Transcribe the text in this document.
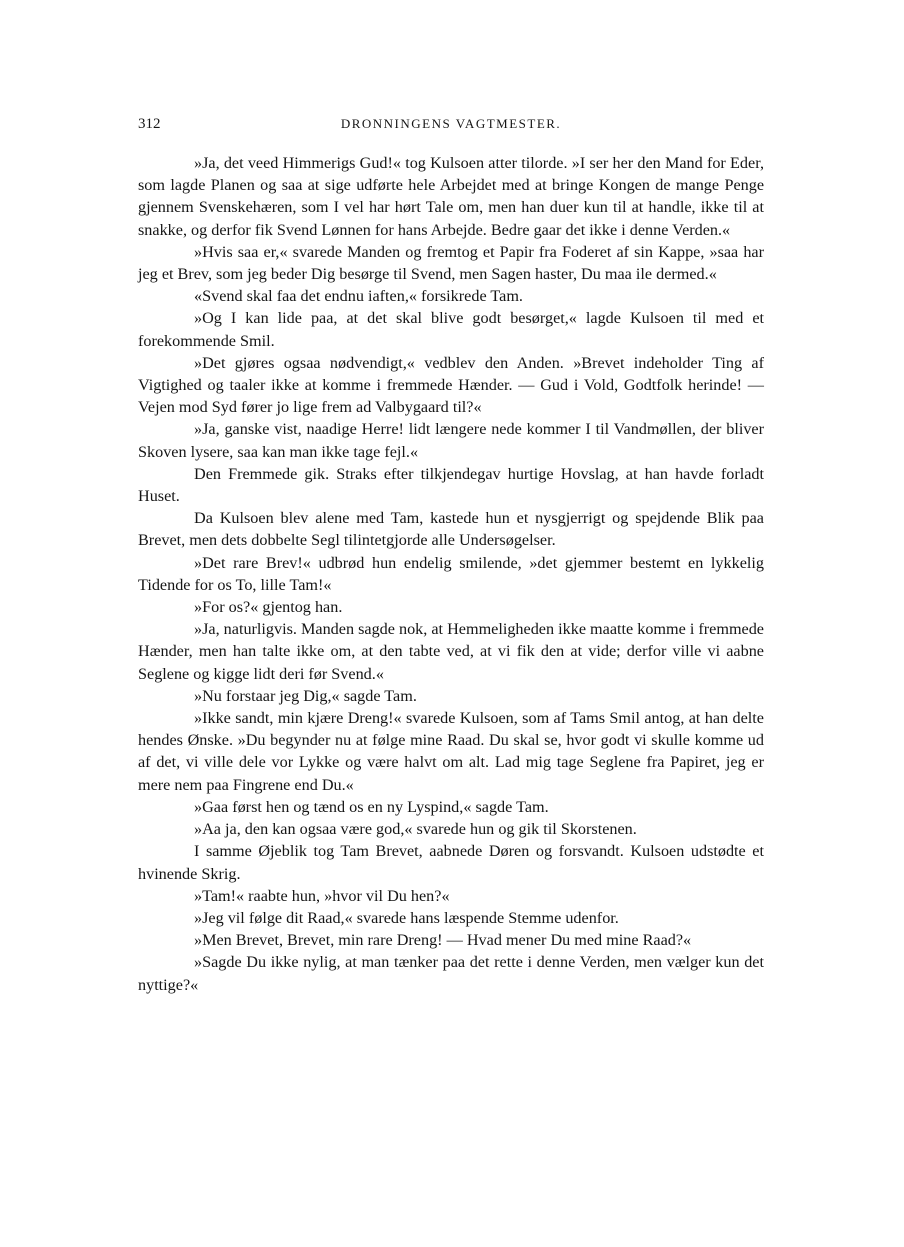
312	DRONNINGENS VAGTMESTER.

»Ja, det veed Himmerigs Gud!« tog Kulsoen atter tilorde. »I ser her den Mand for Eder, som lagde Planen og saa at sige udførte hele Arbejdet med at bringe Kongen de mange Penge gjennem Svenskehæren, som I vel har hørt Tale om, men han duer kun til at handle, ikke til at snakke, og derfor fik Svend Lønnen for hans Arbejde. Bedre gaar det ikke i denne Verden.«

»Hvis saa er,« svarede Manden og fremtog et Papir fra Foderet af sin Kappe, »saa har jeg et Brev, som jeg beder Dig besørge til Svend, men Sagen haster, Du maa ile dermed.«

«Svend skal faa det endnu iaften,« forsikrede Tam.

»Og I kan lide paa, at det skal blive godt besørget,« lagde Kulsoen til med et forekommende Smil.

»Det gjøres ogsaa nødvendigt,« vedblev den Anden. »Brevet indeholder Ting af Vigtighed og taaler ikke at komme i fremmede Hænder. — Gud i Vold, Godtfolk herinde! — Vejen mod Syd fører jo lige frem ad Valbygaard til?«

»Ja, ganske vist, naadige Herre! lidt længere nede kommer I til Vandmøllen, der bliver Skoven lysere, saa kan man ikke tage fejl.«

Den Fremmede gik. Straks efter tilkjendegav hurtige Hovslag, at han havde forladt Huset.

Da Kulsoen blev alene med Tam, kastede hun et nysgjerrigt og spejdende Blik paa Brevet, men dets dobbelte Segl tilintetgjorde alle Undersøgelser.

»Det rare Brev!« udbrød hun endelig smilende, »det gjemmer bestemt en lykkelig Tidende for os To, lille Tam!«

»For os?« gjentog han.

»Ja, naturligvis. Manden sagde nok, at Hemmeligheden ikke maatte komme i fremmede Hænder, men han talte ikke om, at den tabte ved, at vi fik den at vide; derfor ville vi aabne Seglene og kigge lidt deri før Svend.«

»Nu forstaar jeg Dig,« sagde Tam.

»Ikke sandt, min kjære Dreng!« svarede Kulsoen, som af Tams Smil antog, at han delte hendes Ønske. »Du begynder nu at følge mine Raad. Du skal se, hvor godt vi skulle komme ud af det, vi ville dele vor Lykke og være halvt om alt. Lad mig tage Seglene fra Papiret, jeg er mere nem paa Fingrene end Du.«

»Gaa først hen og tænd os en ny Lyspind,« sagde Tam.

»Aa ja, den kan ogsaa være god,« svarede hun og gik til Skorstenen.

I samme Øjeblik tog Tam Brevet, aabnede Døren og forsvandt. Kulsoen udstødte et hvinende Skrig.

»Tam!« raabte hun, »hvor vil Du hen?«

»Jeg vil følge dit Raad,« svarede hans læspende Stemme udenfor.

»Men Brevet, Brevet, min rare Dreng! — Hvad mener Du med mine Raad?«

»Sagde Du ikke nylig, at man tænker paa det rette i denne Verden, men vælger kun det nyttige?«
